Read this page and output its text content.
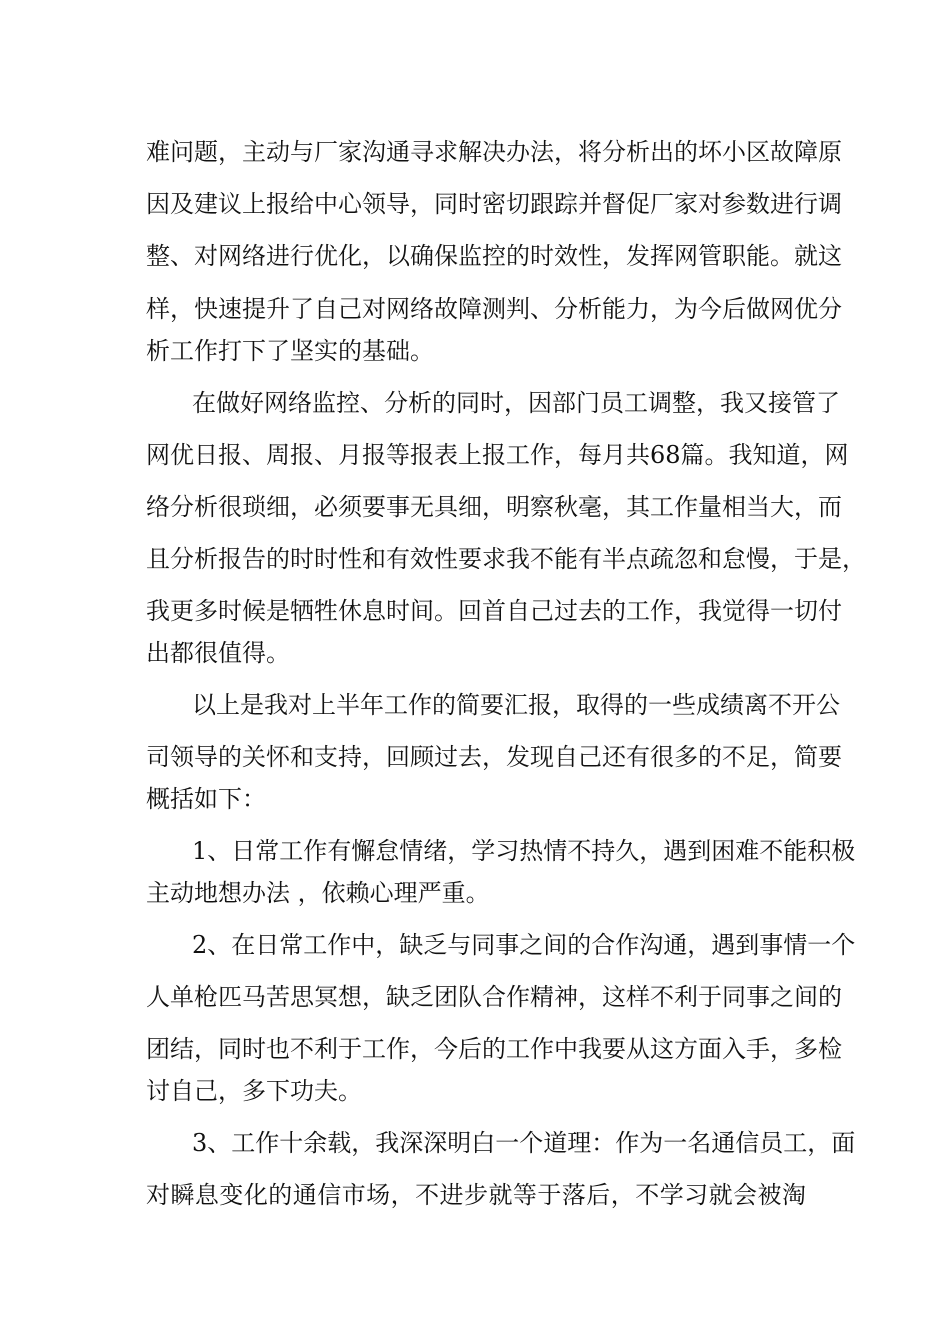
难问题，主动与厂家沟通寻求解决办法，将分析出的坏小区故障原
因及建议上报给中心领导，同时密切跟踪并督促厂家对参数进行调
整、对网络进行优化，以确保监控的时效性，发挥网管职能。就这
样，快速提升了自己对网络故障测判、分析能力，为今后做网优分
析工作打下了坚实的基础。
在做好网络监控、分析的同时，因部门员工调整，我又接管了
网优日报、周报、月报等报表上报工作，每月共68篇。我知道，网
络分析很琐细，必须要事无具细，明察秋毫，其工作量相当大，而
且分析报告的时时性和有效性要求我不能有半点疏忽和怠慢，于是，
我更多时候是牺牲休息时间。回首自己过去的工作，我觉得一切付
出都很值得。
以上是我对上半年工作的简要汇报，取得的一些成绩离不开公
司领导的关怀和支持，回顾过去，发现自己还有很多的不足，简要
概括如下：
1、日常工作有懈怠情绪，学习热情不持久，遇到困难不能积极
主动地想办法 ，依赖心理严重。
2、在日常工作中，缺乏与同事之间的合作沟通，遇到事情一个
人单枪匹马苦思冥想，缺乏团队合作精神，这样不利于同事之间的
团结，同时也不利于工作，今后的工作中我要从这方面入手，多检
讨自己，多下功夫。
3、工作十余载，我深深明白一个道理：作为一名通信员工，面
对瞬息变化的通信市场，不进步就等于落后，不学习就会被淘
